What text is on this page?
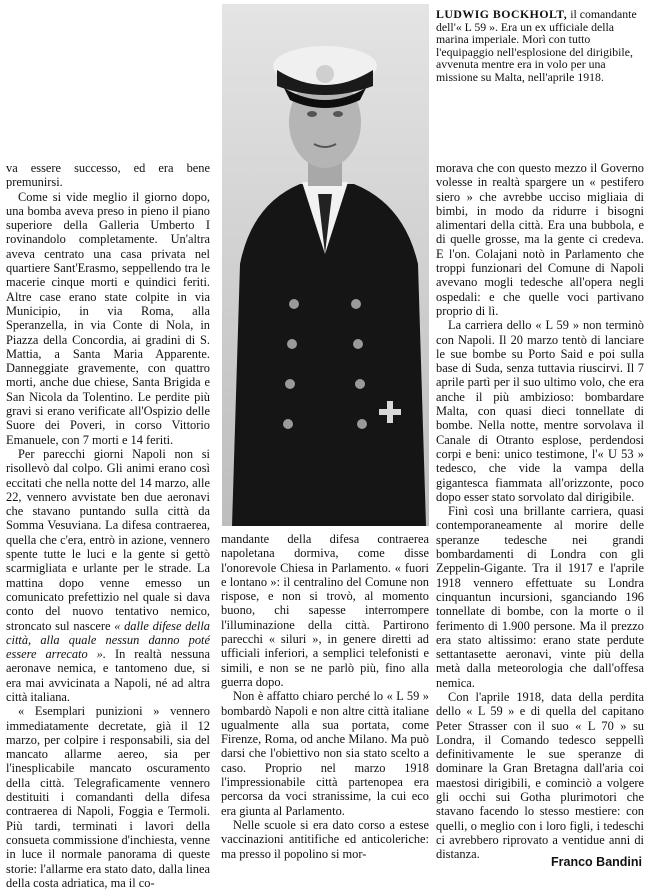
LUDWIG BOCKHOLT, il comandante dell'« L 59 ». Era un ex ufficiale della marina imperiale. Morì con tutto l'equipaggio nell'esplosione del dirigibile, avvenuta mentre era in volo per una missione su Malta, nell'aprile 1918.

va essere successo, ed era bene premunirsi.

Come si vide meglio il giorno dopo, una bomba aveva preso in pieno il piano superiore della Galleria Umberto I rovinandolo completamente. Un'altra aveva centrato una casa privata nel quartiere Sant'Erasmo, seppellendo tra le macerie cinque morti e quindici feriti. Altre case erano state colpite in via Municipio, in via Roma, alla Speranzella, in via Conte di Nola, in Piazza della Concordia, ai gradini di S. Mattia, a Santa Maria Apparente. Danneggiate gravemente, con quattro morti, anche due chiese, Santa Brigida e San Nicola da Tolentino. Le perdite più gravi si erano verificate all'Ospizio delle Suore dei Poveri, in corso Vittorio Emanuele, con 7 morti e 14 feriti.

Per parecchi giorni Napoli non si risollevò dal colpo. Gli animi erano così eccitati che nella notte del 14 marzo, alle 22, vennero avvistate ben due aeronavi che stavano puntando sulla città da Somma Vesuviana. La difesa contraerea, quella che c'era, entrò in azione, vennero spente tutte le luci e la gente si gettò scarmigliata e urlante per le strade. La mattina dopo venne emesso un comunicato prefettizio nel quale si dava conto del nuovo tentativo nemico, stroncato sul nascere « dalle difese della città, alla quale nessun danno poté essere arrecato ». In realtà nessuna aeronave nemica, e tantomeno due, si era mai avvicinata a Napoli, né ad altra città italiana.

« Esemplari punizioni » vennero immediatamente decretate, già il 12 marzo, per colpire i responsabili, sia del mancato allarme aereo, sia per l'inesplicabile mancato oscuramento della città. Telegraficamente vennero destituiti i comandanti della difesa contraerea di Napoli, Foggia e Termoli. Più tardi, terminati i lavori della consueta commissione d'inchiesta, venne in luce il normale panorama di queste storie: l'allarme era stato dato, dalla linea della costa adriatica, ma il co-

mandante della difesa contraerea napoletana dormiva, come disse l'onorevole Chiesa in Parlamento. « fuori e lontano »: il centralino del Comune non rispose, e non si trovò, al momento buono, chi sapesse interrompere l'illuminazione della città. Partirono parecchi « siluri », in genere diretti ad ufficiali inferiori, a semplici telefonisti e simili, e non se ne parlò più, fino alla guerra dopo.

Non è affatto chiaro perché lo « L 59 » bombardò Napoli e non altre città italiane ugualmente alla sua portata, come Firenze, Roma, od anche Milano. Ma può darsi che l'obiettivo non sia stato scelto a caso. Proprio nel marzo 1918 l'impressionabile città partenopea era percorsa da voci stranissime, la cui eco era giunta al Parlamento.

Nelle scuole si era dato corso a estese vaccinazioni antitifiche ed anticoleriche: ma presso il popolino si mor-

morava che con questo mezzo il Governo volesse in realtà spargere un « pestifero siero » che avrebbe ucciso migliaia di bimbi, in modo da ridurre i bisogni alimentari della città. Era una bubbola, e di quelle grosse, ma la gente ci credeva. E l'on. Colajani notò in Parlamento che troppi funzionari del Comune di Napoli avevano mogli tedesche all'opera negli ospedali: e che quelle voci partivano proprio di lì.

La carriera dello « L 59 » non terminò con Napoli. Il 20 marzo tentò di lanciare le sue bombe su Porto Said e poi sulla base di Suda, senza tuttavia riuscirvi. Il 7 aprile partì per il suo ultimo volo, che era anche il più ambizioso: bombardare Malta, con quasi dieci tonnellate di bombe. Nella notte, mentre sorvolava il Canale di Otranto esplose, perdendosi corpi e beni: unico testimone, l'« U 53 » tedesco, che vide la vampa della gigantesca fiammata all'orizzonte, poco dopo esser stato sorvolato dal dirigibile.

Finì così una brillante carriera, quasi contemporaneamente al morire delle speranze tedesche nei grandi bombardamenti di Londra con gli Zeppelin-Gigante. Tra il 1917 e l'aprile 1918 vennero effettuate su Londra cinquantun incursioni, sganciando 196 tonnellate di bombe, con la morte o il ferimento di 1.900 persone. Ma il prezzo era stato altissimo: erano state perdute settantasette aeronavi, vinte più della metà dalla meteorologia che dall'offesa nemica.

Con l'aprile 1918, data della perdita dello « L 59 » e di quella del capitano Peter Strasser con il suo « L 70 » su Londra, il Comando tedesco seppellì definitivamente le sue speranze di dominare la Gran Bretagna dall'aria coi maestosi dirigibili, e cominciò a volgere gli occhi sui Gotha plurimotori che stavano facendo lo stesso mestiere: con quelli, o meglio con i loro figli, i tedeschi ci avrebbero riprovato a ventidue anni di distanza.

Franco Bandini
